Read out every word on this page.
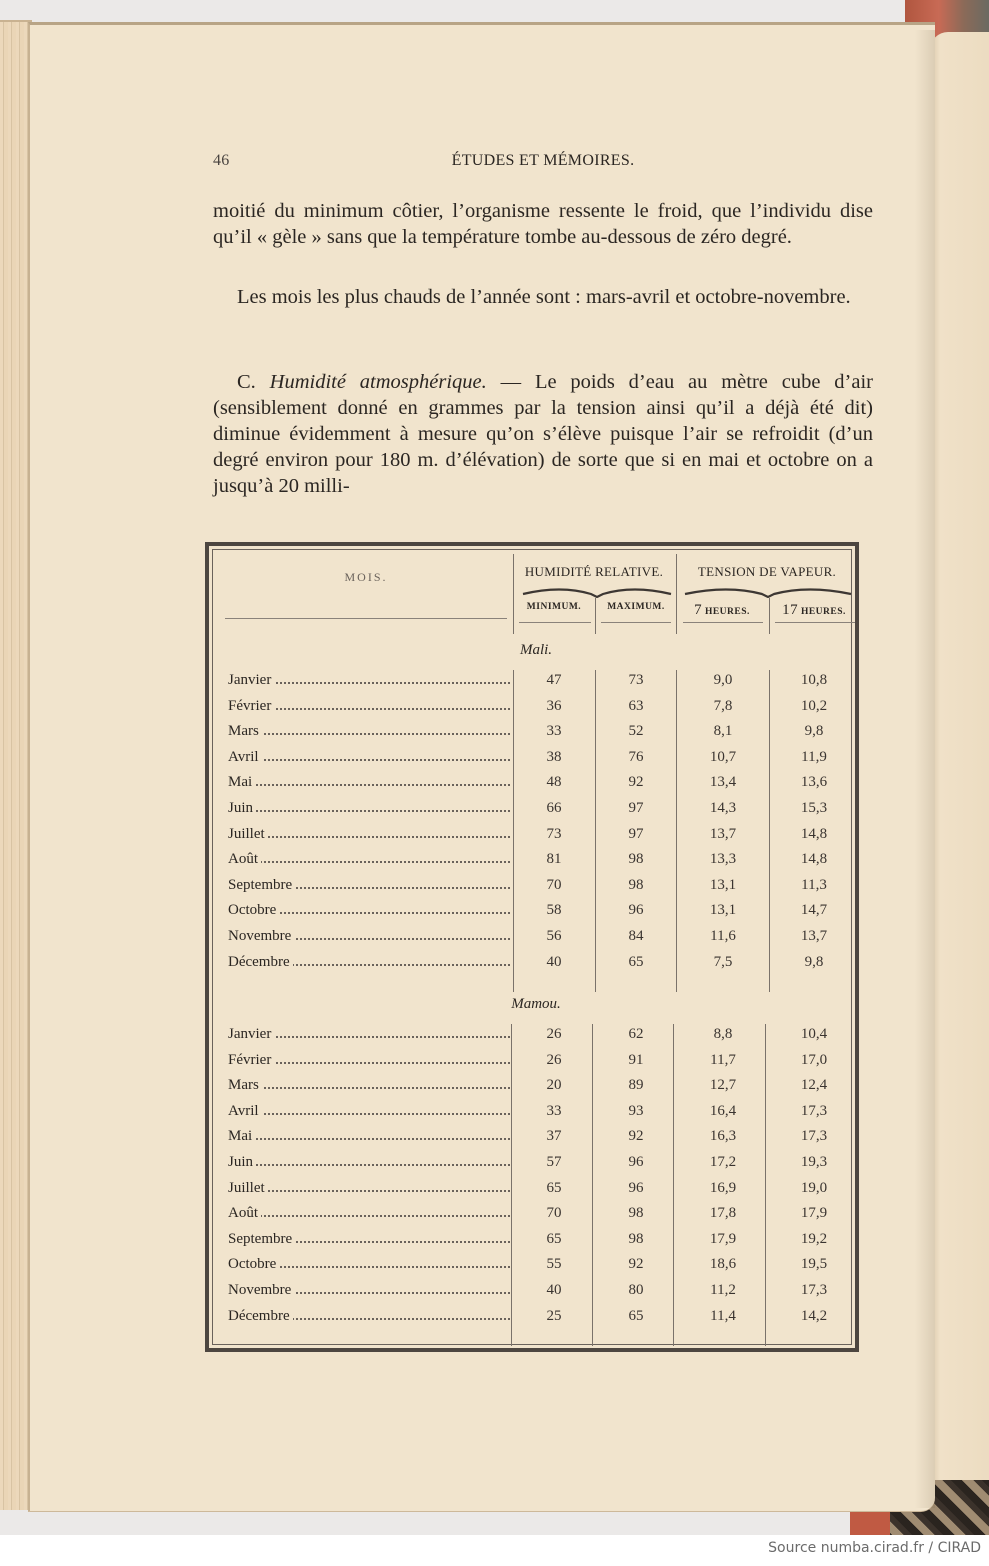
46	ÉTUDES ET MÉMOIRES.
moitié du minimum côtier, l’organisme ressente le froid, que l’individu dise qu’il « gèle » sans que la température tombe au-dessous de zéro degré.
Les mois les plus chauds de l’année sont : mars-avril et octobre-novembre.
C. Humidité atmosphérique. — Le poids d’eau au mètre cube d’air (sensiblement donné en grammes par la tension ainsi qu’il a déjà été dit) diminue évidemment à mesure qu’on s’élève puisque l’air se refroidit (d’un degré environ pour 180 m. d’élévation) de sorte que si en mai et octobre on a jusqu’à 20 milli-
MOIS.	HUMIDITÉ RELATIVE.	TENSION DE VAPEUR.
MINIMUM.	MAXIMUM.	7 HEURES.	17 HEURES.
Mali.
Janvier	47	73	9,0	10,8
Février	36	63	7,8	10,2
Mars	33	52	8,1	9,8
Avril	38	76	10,7	11,9
Mai	48	92	13,4	13,6
Juin	66	97	14,3	15,3
Juillet	73	97	13,7	14,8
Août	81	98	13,3	14,8
Septembre	70	98	13,1	11,3
Octobre	58	96	13,1	14,7
Novembre	56	84	11,6	13,7
Décembre	40	65	7,5	9,8
Mamou.
Janvier	26	62	8,8	10,4
Février	26	91	11,7	17,0
Mars	20	89	12,7	12,4
Avril	33	93	16,4	17,3
Mai	37	92	16,3	17,3
Juin	57	96	17,2	19,3
Juillet	65	96	16,9	19,0
Août	70	98	17,8	17,9
Septembre	65	98	17,9	19,2
Octobre	55	92	18,6	19,5
Novembre	40	80	11,2	17,3
Décembre	25	65	11,4	14,2
Source numba.cirad.fr / CIRAD
